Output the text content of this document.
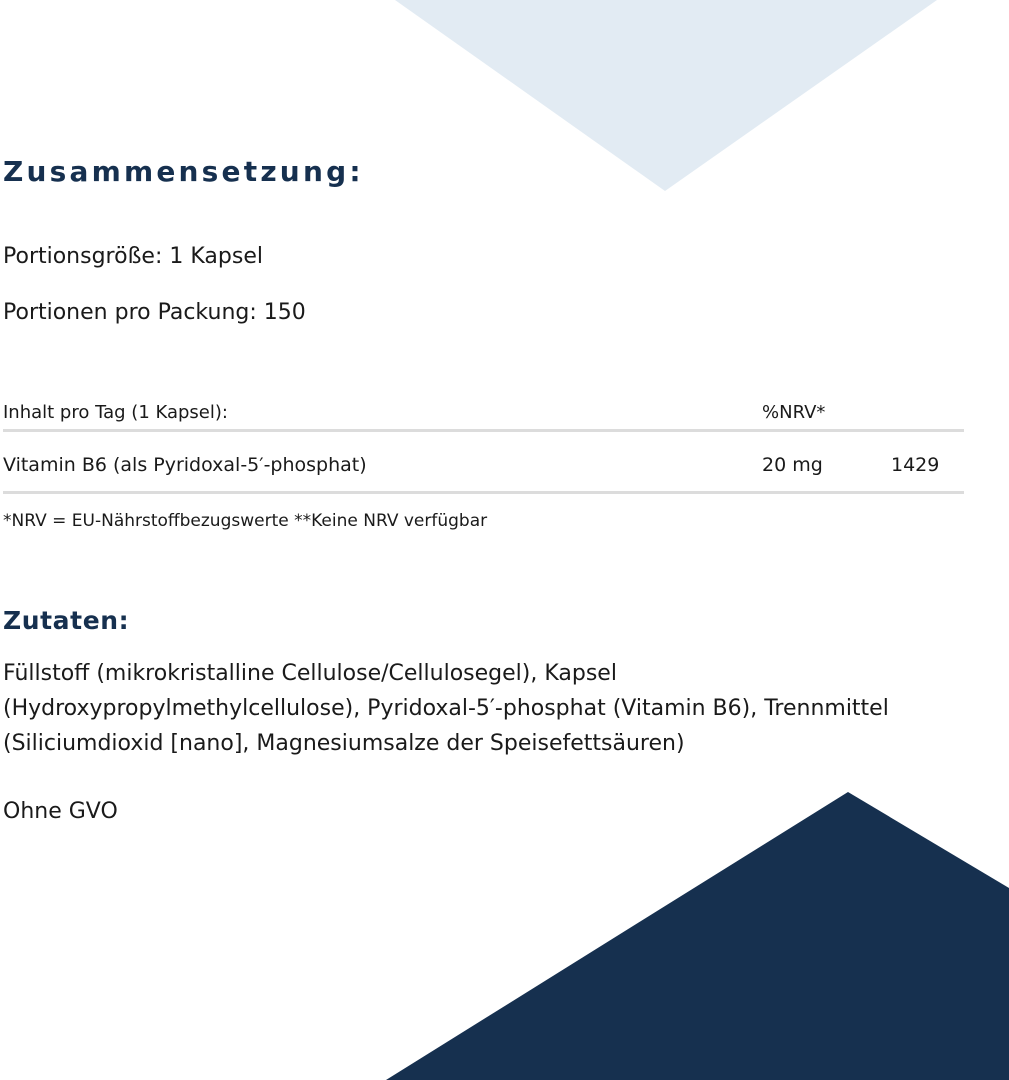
Zusammensetzung:

Portionsgröße: 1 Kapsel

Portionen pro Packung: 150

Inhalt pro Tag (1 Kapsel):	%NRV*
Vitamin B6 (als Pyridoxal-5′-phosphat)	20 mg	1429

*NRV = EU-Nährstoffbezugswerte **Keine NRV verfügbar

Zutaten:

Füllstoff (mikrokristalline Cellulose/Cellulosegel), Kapsel (Hydroxypropylmethylcellulose), Pyridoxal-5′-phosphat (Vitamin B6), Trennmittel (Siliciumdioxid [nano], Magnesiumsalze der Speisefettsäuren)

Ohne GVO
